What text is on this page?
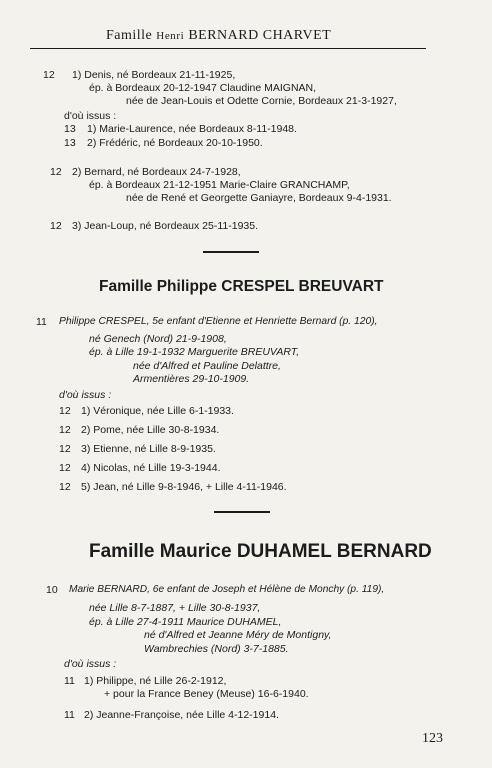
Famille Henri BERNARD CHARVET
12 1) Denis, né Bordeaux 21-11-1925,
ép. à Bordeaux 20-12-1947 Claudine MAIGNAN,
née de Jean-Louis et Odette Cornie, Bordeaux 21-3-1927,
d'où issus :
13 1) Marie-Laurence, née Bordeaux 8-11-1948.
13 2) Frédéric, né Bordeaux 20-10-1950.
12 2) Bernard, né Bordeaux 24-7-1928,
ép. à Bordeaux 21-12-1951 Marie-Claire GRANCHAMP,
née de René et Georgette Ganiayre, Bordeaux 9-4-1931.
12 3) Jean-Loup, né Bordeaux 25-11-1935.
Famille Philippe CRESPEL BREUVART
11 Philippe CRESPEL, 5e enfant d'Etienne et Henriette Bernard (p. 120),
né Genech (Nord) 21-9-1908,
ép. à Lille 19-1-1932 Marguerite BREUVART,
née d'Alfred et Pauline Delattre,
Armentières 29-10-1909.
d'où issus :
12 1) Véronique, née Lille 6-1-1933.
12 2) Pome, née Lille 30-8-1934.
12 3) Etienne, né Lille 8-9-1935.
12 4) Nicolas, né Lille 19-3-1944.
12 5) Jean, né Lille 9-8-1946, + Lille 4-11-1946.
Famille Maurice DUHAMEL BERNARD
10 Marie BERNARD, 6e enfant de Joseph et Hélène de Monchy (p. 119),
née Lille 8-7-1887, + Lille 30-8-1937,
ép. à Lille 27-4-1911 Maurice DUHAMEL,
né d'Alfred et Jeanne Méry de Montigny,
Wambrechies (Nord) 3-7-1885.
d'où issus :
11 1) Philippe, né Lille 26-2-1912,
+ pour la France Beney (Meuse) 16-6-1940.
11 2) Jeanne-Françoise, née Lille 4-12-1914.
123
